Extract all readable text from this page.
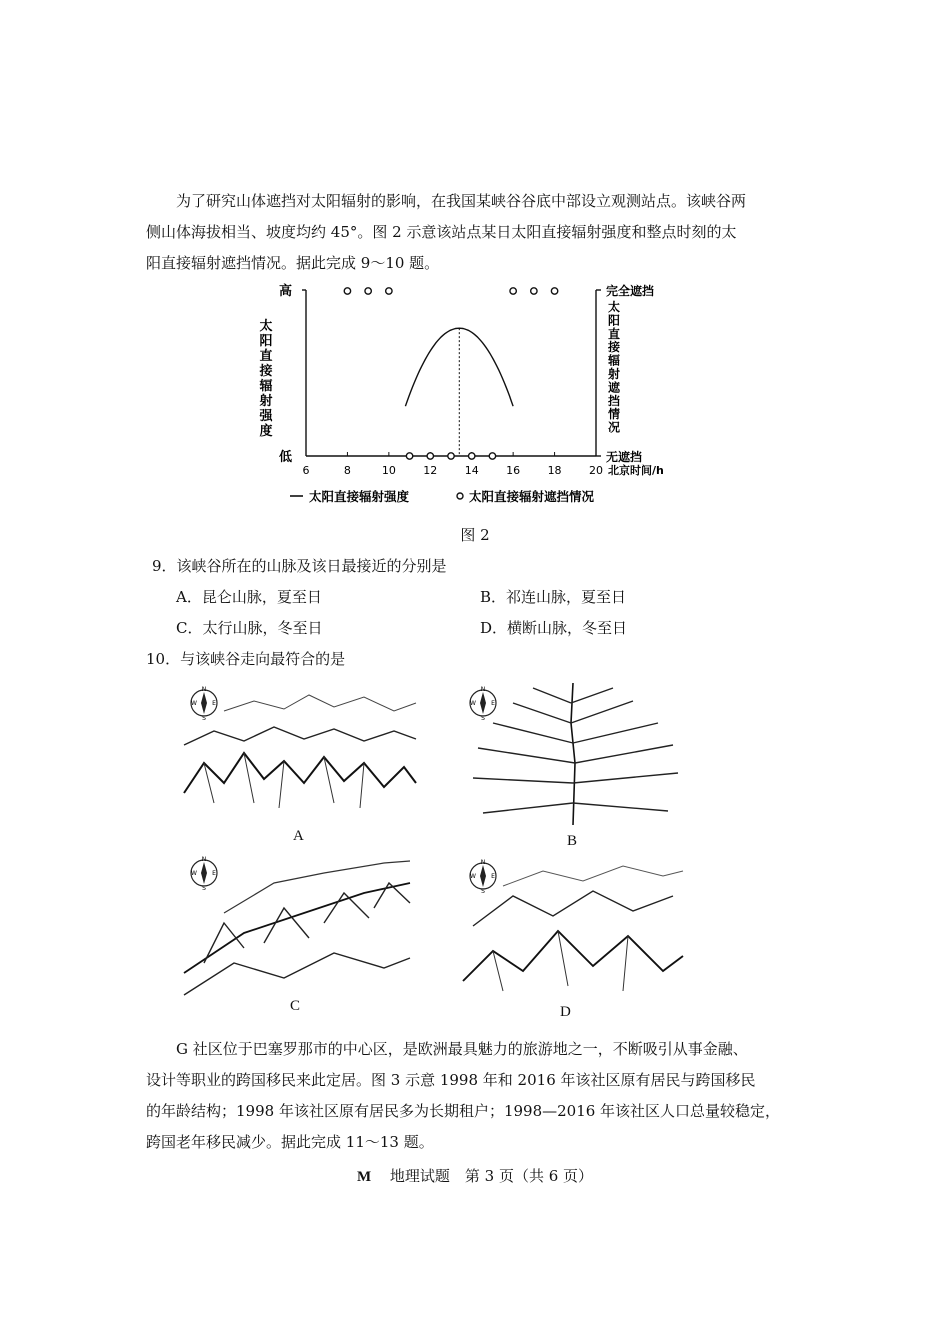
为了研究山体遮挡对太阳辐射的影响，在我国某峡谷谷底中部设立观测站点。该峡谷两

侧山体海拔相当、坡度均约 45°。图 2 示意该站点某日太阳直接辐射强度和整点时刻的太

阳直接辐射遮挡情况。据此完成 9～10 题。

高
低
太
阳
直
接
辐
射
强
度
完全遮挡
无遮挡
太
阳
直
接
辐
射
遮
挡
情
况
6	8	10 12 14 16 18 20 北京时间/h
太阳直接辐射强度	太阳直接辐射遮挡情况
图 2
9．该峡谷所在的山脉及该日最接近的分别是
A．昆仑山脉，夏至日	B．祁连山脉，夏至日
C．太行山脉，冬至日	D．横断山脉，冬至日
10．与该峡谷走向最符合的是
N
S
W	E
N
S
W	E
N
S
W	E
N
S
W	E
A	B
C	D

G 社区位于巴塞罗那市的中心区，是欧洲最具魅力的旅游地之一，不断吸引从事金融、

设计等职业的跨国移民来此定居。图 3 示意 1998 年和 2016 年该社区原有居民与跨国移民

的年龄结构；1998 年该社区原有居民多为长期租户；1998—2016 年该社区人口总量较稳定，

跨国老年移民减少。据此完成 11～13 题。

M 地理试题　第 3 页（共 6 页）
